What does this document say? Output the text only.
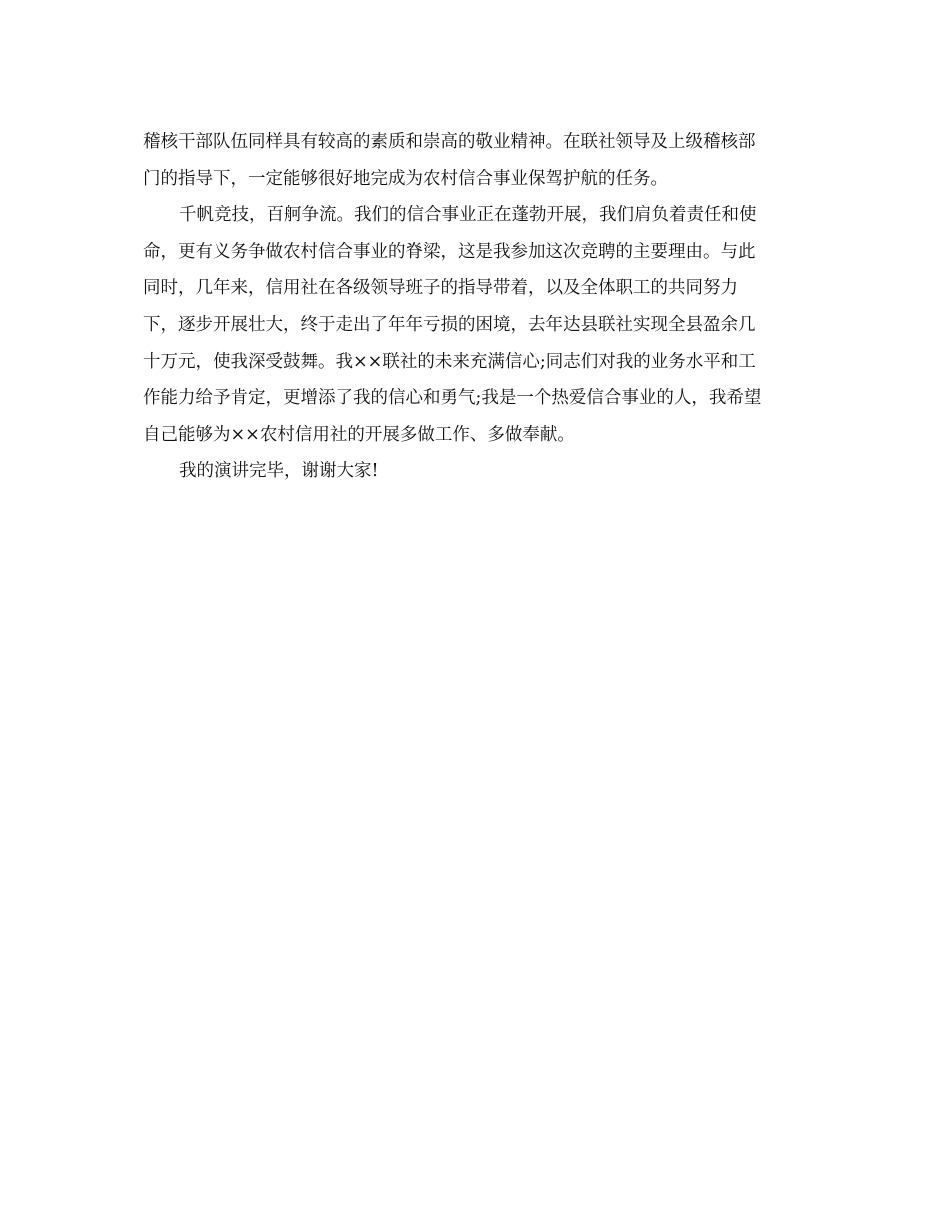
稽核干部队伍同样具有较高的素质和崇高的敬业精神。在联社领导及上级稽核部

门的指导下，一定能够很好地完成为农村信合事业保驾护航的任务。

千帆竞技，百舸争流。我们的信合事业正在蓬勃开展，我们肩负着责任和使

命，更有义务争做农村信合事业的脊梁，这是我参加这次竞聘的主要理由。与此

同时，几年来，信用社在各级领导班子的指导带着，以及全体职工的共同努力

下，逐步开展壮大，终于走出了年年亏损的困境，去年达县联社实现全县盈余几

十万元，使我深受鼓舞。我××联社的未来充满信心;同志们对我的业务水平和工

作能力给予肯定，更增添了我的信心和勇气;我是一个热爱信合事业的人，我希望

自己能够为××农村信用社的开展多做工作、多做奉献。

我的演讲完毕，谢谢大家!
